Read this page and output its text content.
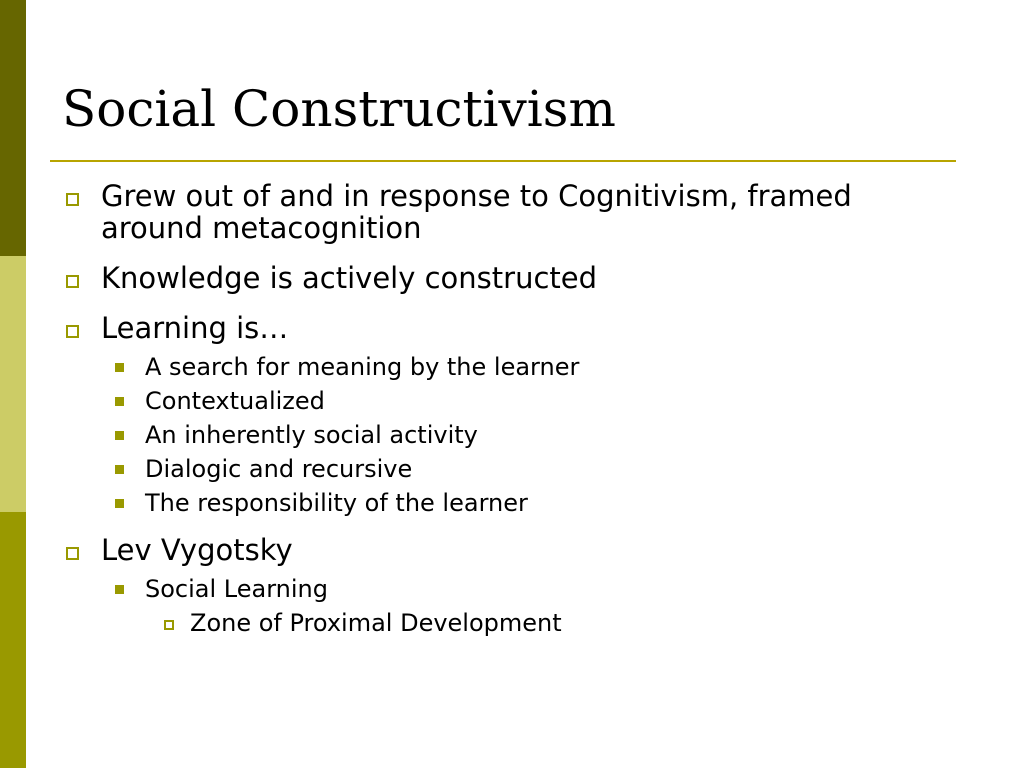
Social Constructivism
Grew out of and in response to Cognitivism, framed around metacognition
Knowledge is actively constructed
Learning is…
A search for meaning by the learner
Contextualized
An inherently social activity
Dialogic and recursive
The responsibility of the learner
Lev Vygotsky
Social Learning
Zone of Proximal Development
